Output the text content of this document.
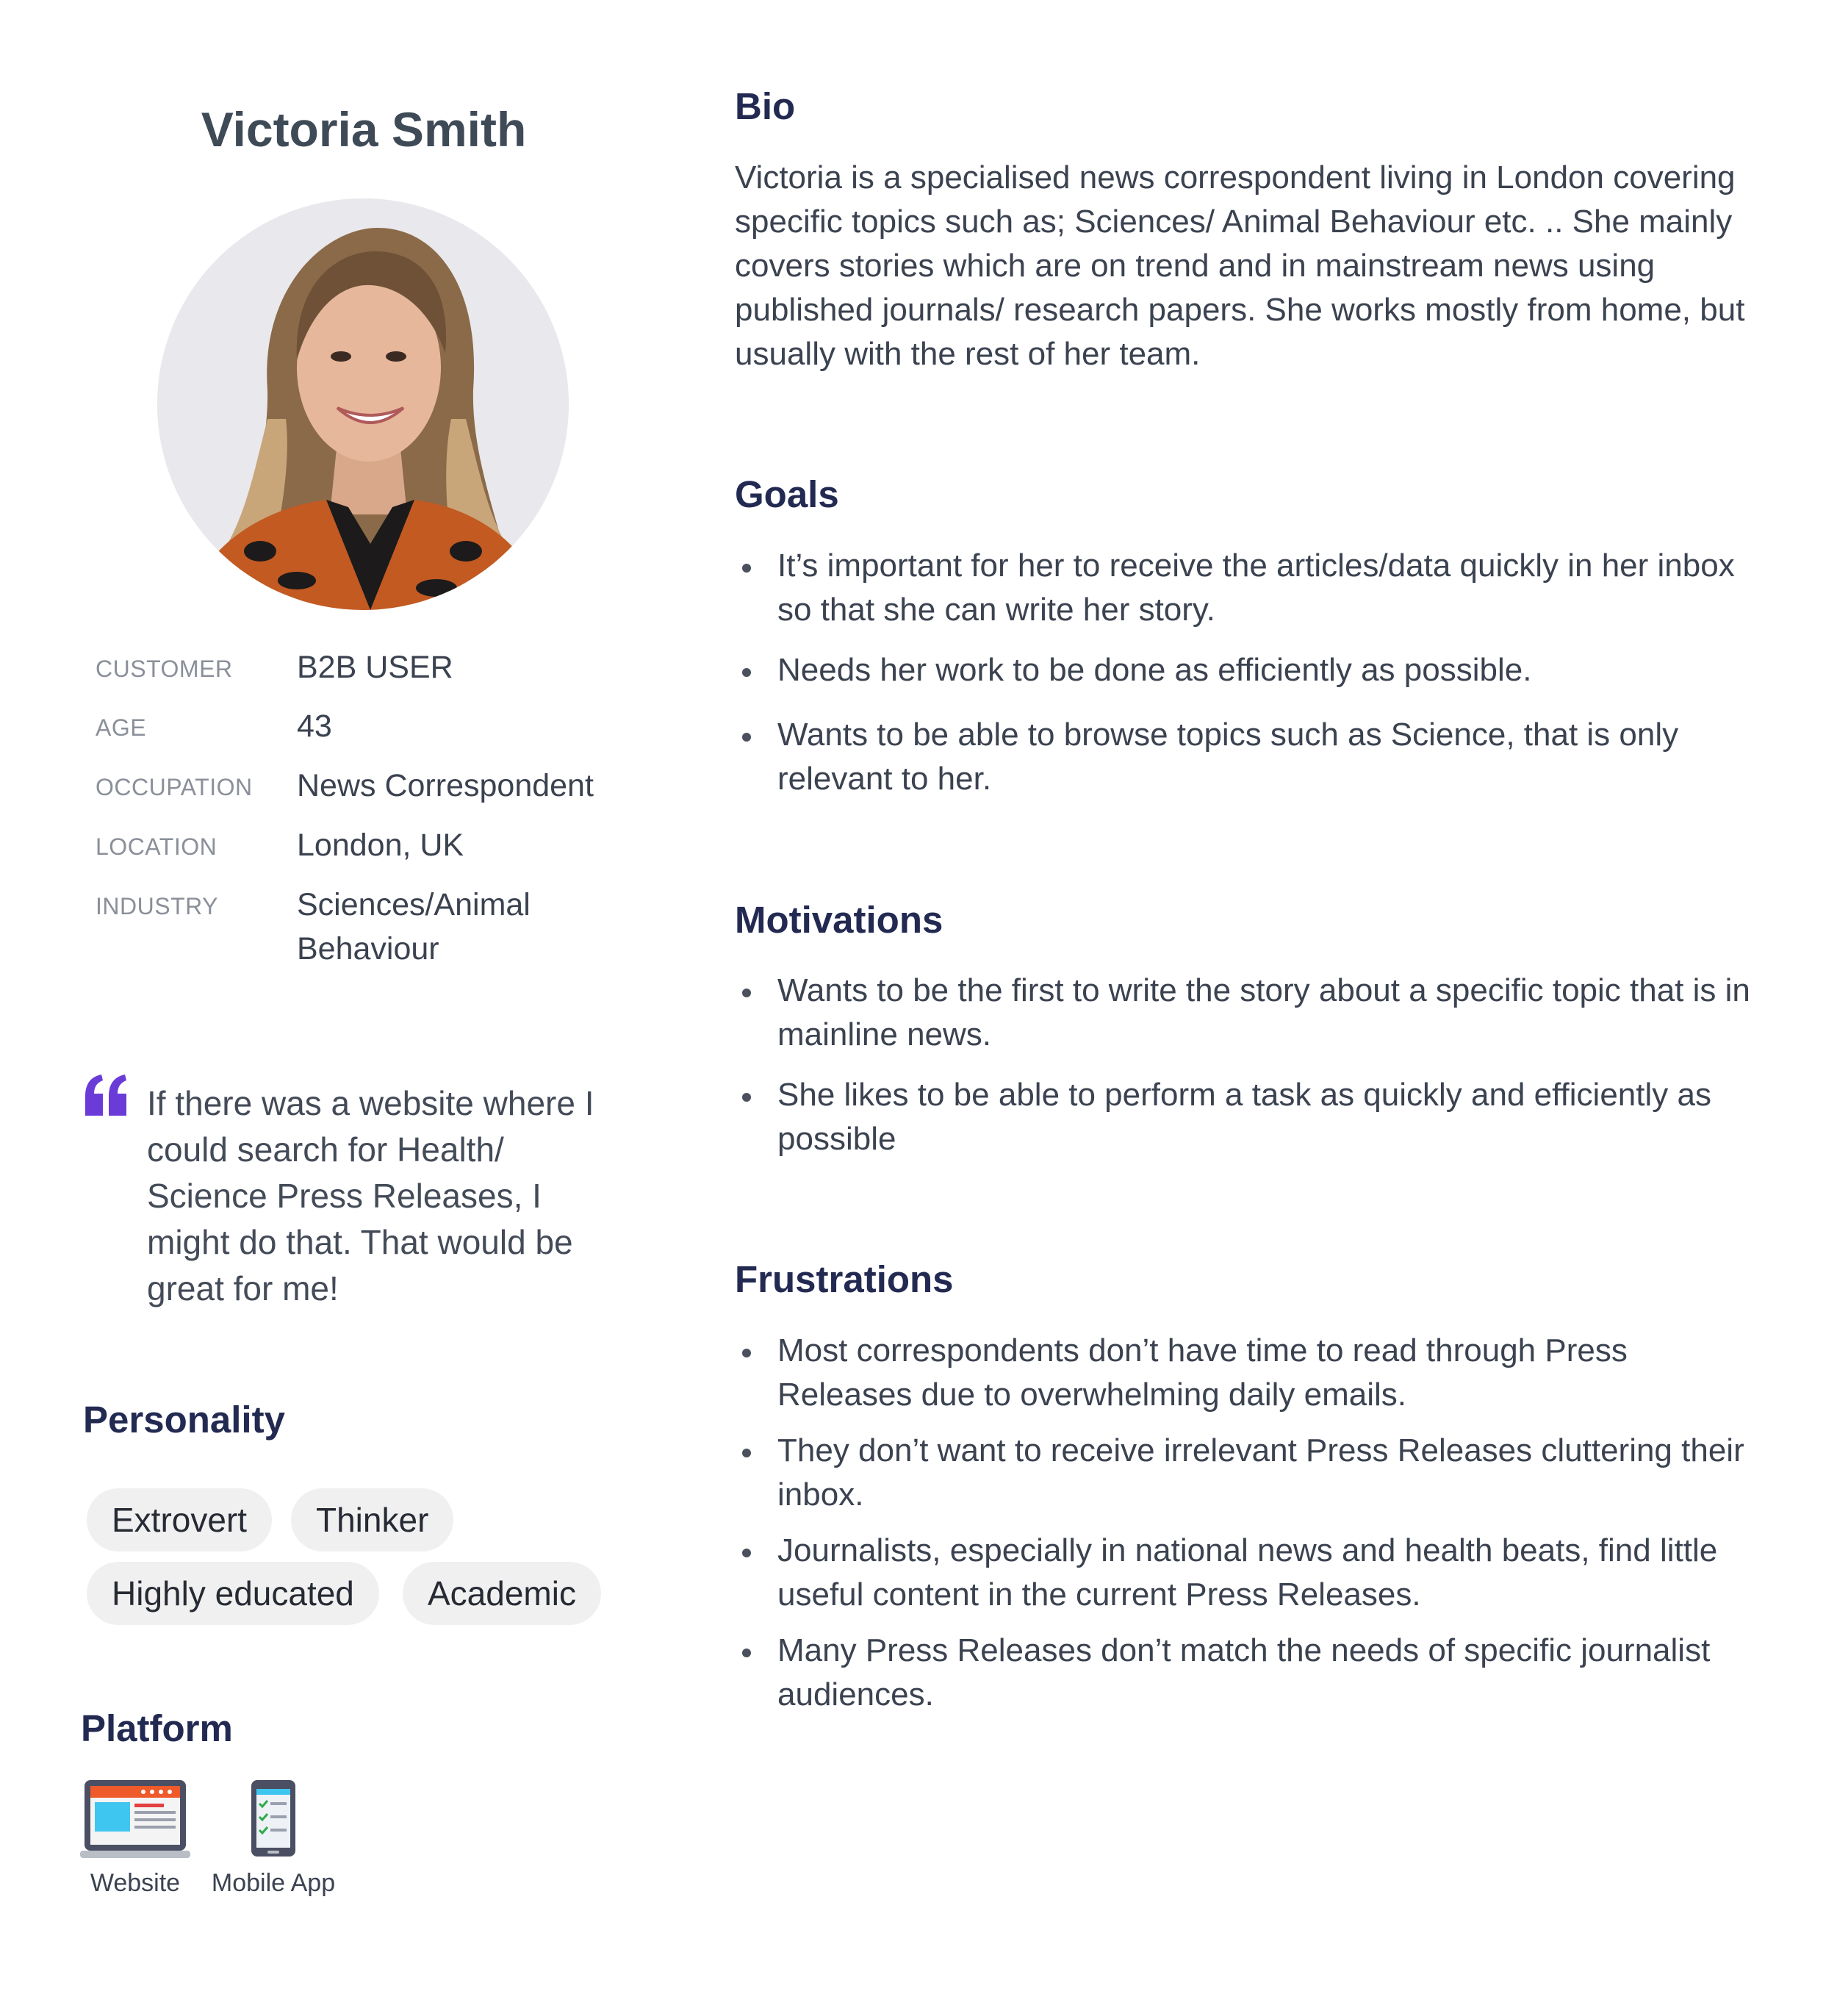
Victoria Smith
CUSTOMER B2B USER
AGE	43
OCCUPATION News Correspondent
LOCATION	London, UK
INDUSTRY Sciences/Animal Behaviour

If there was a website where I could search for Health/ Science Press Releases, I might do that. That would be great for me!

Personality
Extrovert	Thinker
Highly educated	Academic
Platform
Website	Mobile App
Bio

Victoria is a specialised news correspondent living in London covering specific topics such as; Sciences/ Animal Behaviour etc. .. She mainly covers stories which are on trend and in mainstream news using published journals/ research papers. She works mostly from home, but usually with the rest of her team.

Goals
It’s important for her to receive the articles/data quickly in her inbox so that she can write her story.
Needs her work to be done as efficiently as possible.
Wants to be able to browse topics such as Science, that is only relevant to her.
Motivations
Wants to be the first to write the story about a specific topic that is in mainline news.
She likes to be able to perform a task as quickly and efficiently as possible
Frustrations
Most correspondents don’t have time to read through Press Releases due to overwhelming daily emails.
They don’t want to receive irrelevant Press Releases cluttering their inbox.
Journalists, especially in national news and health beats, find little useful content in the current Press Releases.
Many Press Releases don’t match the needs of specific journalist audiences.
